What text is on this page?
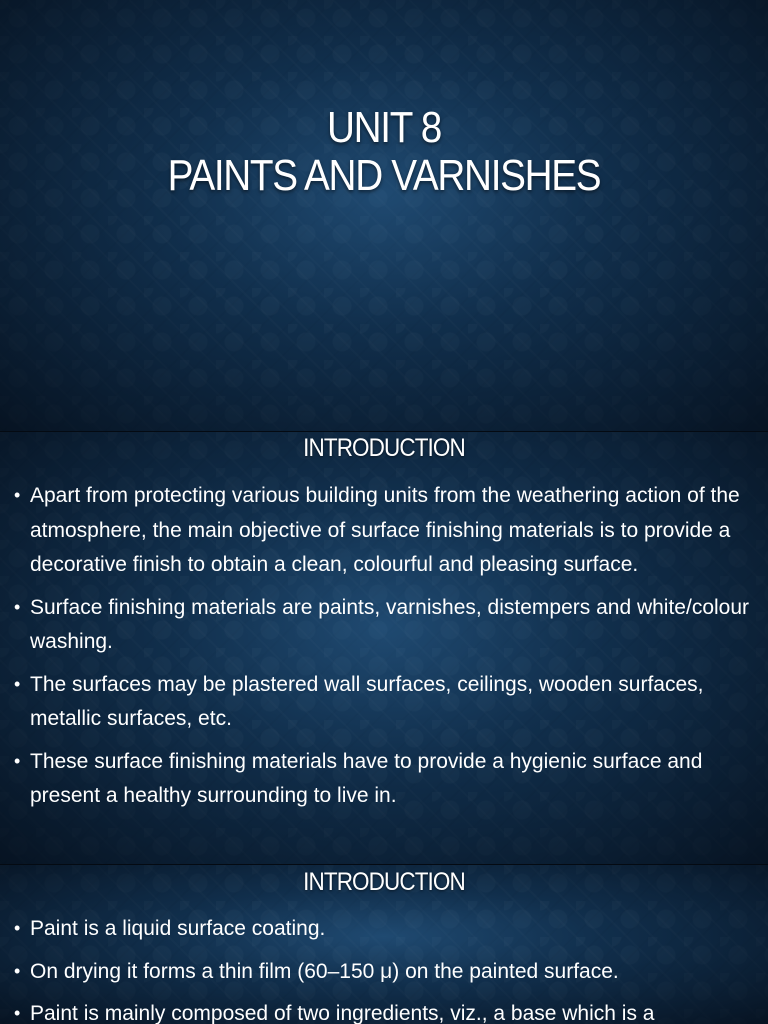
UNIT 8
PAINTS AND VARNISHES
INTRODUCTION
• Apart from protecting various building units from the weathering action of the atmosphere, the main objective of surface finishing materials is to provide a decorative finish to obtain a clean, colourful and pleasing surface.
• Surface finishing materials are paints, varnishes, distempers and white/colour washing.
• The surfaces may be plastered wall surfaces, ceilings, wooden surfaces, metallic surfaces, etc.
• These surface finishing materials have to provide a hygienic surface and present a healthy surrounding to live in.
INTRODUCTION
• Paint is a liquid surface coating.
• On drying it forms a thin film (60–150 μ) on the painted surface.
• Paint is mainly composed of two ingredients, viz., a base which is a
